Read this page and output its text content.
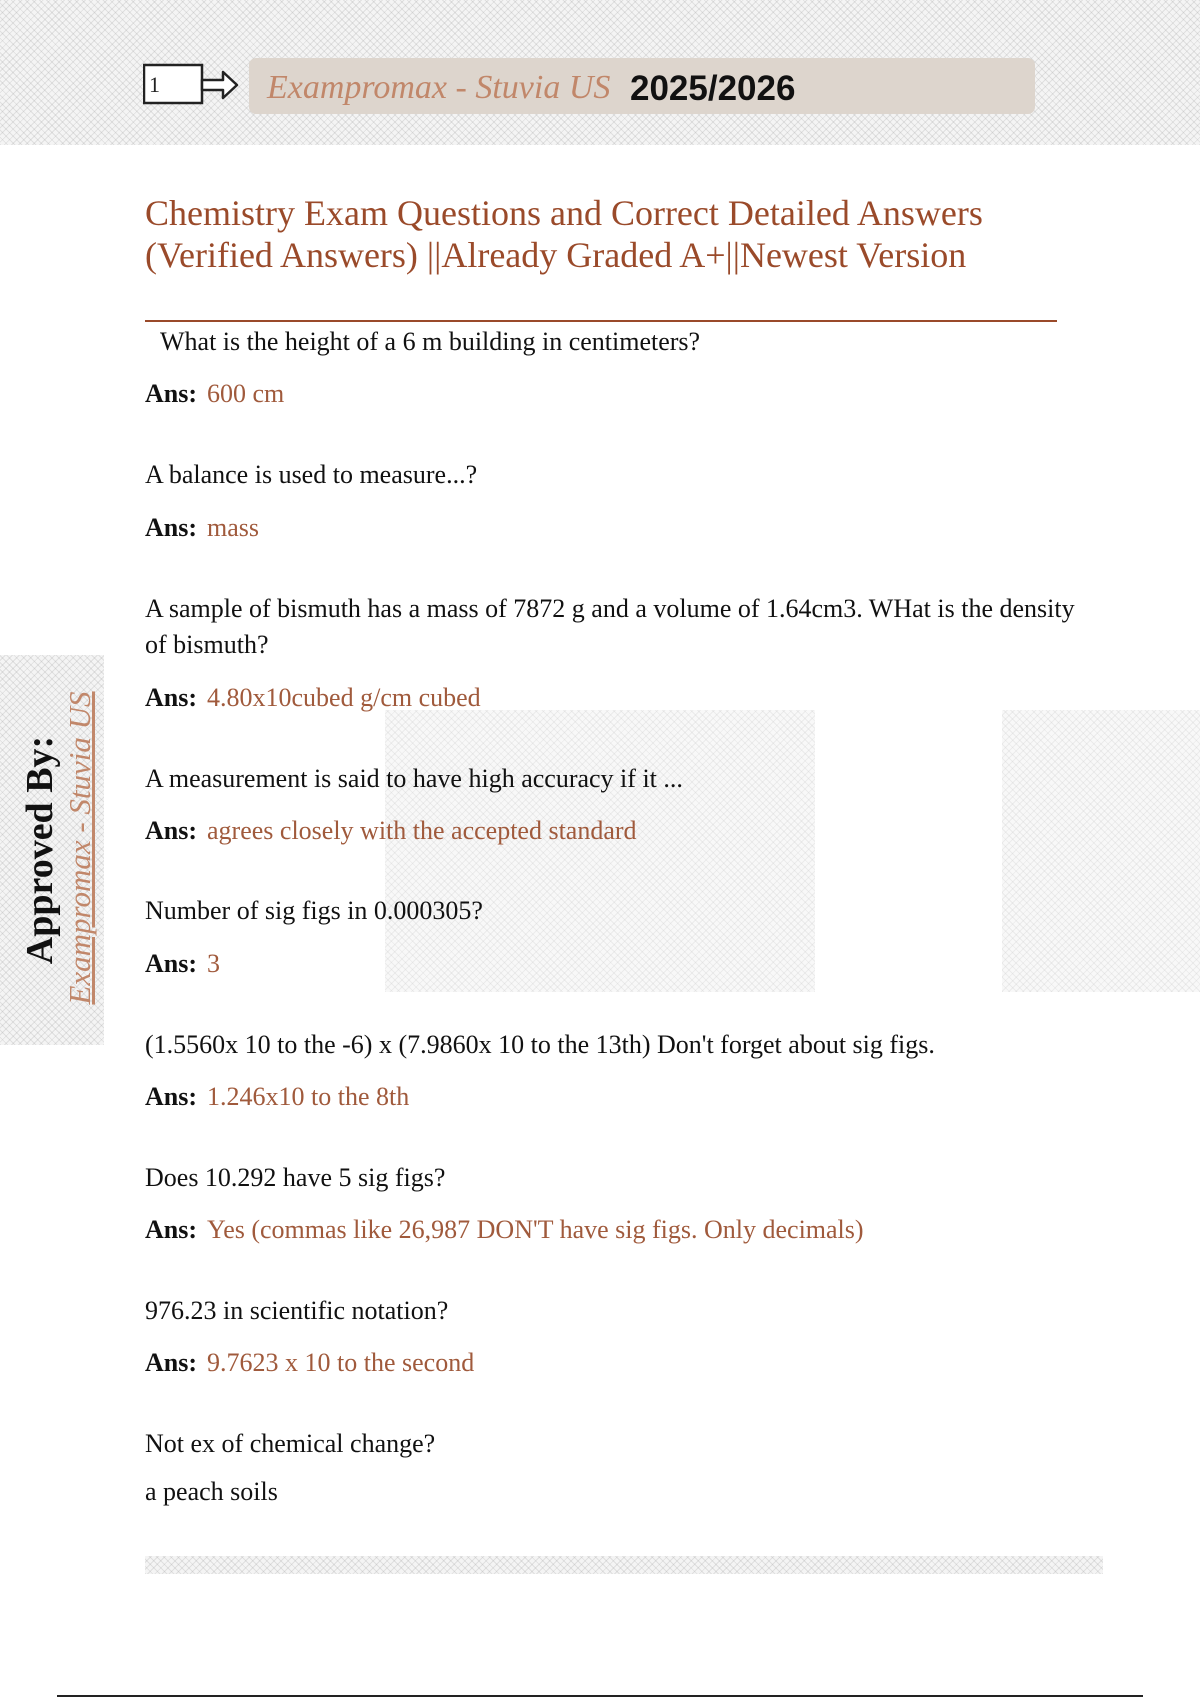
1	Exampromax - Stuvia US 2025/2026
Chemistry Exam Questions and Correct Detailed Answers (Verified Answers) ||Already Graded A+||Newest Version
Approved By: Exampromax - Stuvia US
What is the height of a 6 m building in centimeters?
Ans: 600 cm
A balance is used to measure...?
Ans: mass
A sample of bismuth has a mass of 7872 g and a volume of 1.64cm3. WHat is the density of bismuth?
Ans: 4.80x10cubed g/cm cubed
A measurement is said to have high accuracy if it ...
Ans: agrees closely with the accepted standard
Number of sig figs in 0.000305?
Ans: 3
(1.5560x 10 to the -6) x (7.9860x 10 to the 13th) Don't forget about sig figs.
Ans: 1.246x10 to the 8th
Does 10.292 have 5 sig figs?
Ans: Yes (commas like 26,987 DON'T have sig figs. Only decimals)
976.23 in scientific notation?
Ans: 9.7623 x 10 to the second
Not ex of chemical change?
a peach soils
